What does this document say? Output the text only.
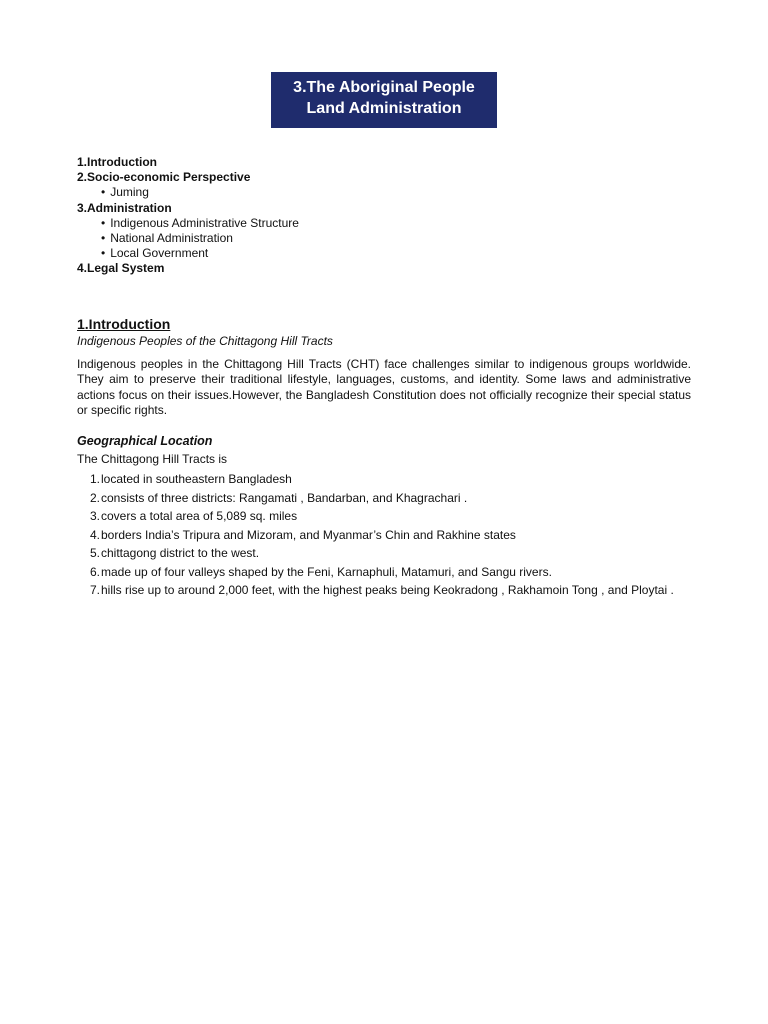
3.The Aboriginal People
Land Administration
1.Introduction
2.Socio-economic Perspective
• Juming
3.Administration
• Indigenous Administrative Structure
• National Administration
• Local Government
4.Legal System
1.Introduction
Indigenous Peoples of the Chittagong Hill Tracts

Indigenous peoples in the Chittagong Hill Tracts (CHT) face challenges similar to indigenous groups worldwide. They aim to preserve their traditional lifestyle, languages, customs, and identity. Some laws and administrative actions focus on their issues.However, the Bangladesh Constitution does not officially recognize their special status or specific rights.

Geographical Location
The Chittagong Hill Tracts is
1. located in southeastern Bangladesh
2. consists of three districts: Rangamati , Bandarban, and Khagrachari .
3. covers a total area of 5,089 sq. miles
4. borders India’s Tripura and Mizoram, and Myanmar’s Chin and Rakhine states
5. chittagong district to the west.
6. made up of four valleys shaped by the Feni, Karnaphuli, Matamuri, and Sangu rivers.
7. hills rise up to around 2,000 feet, with the highest peaks being Keokradong , Rakhamoin Tong , and Ploytai .
